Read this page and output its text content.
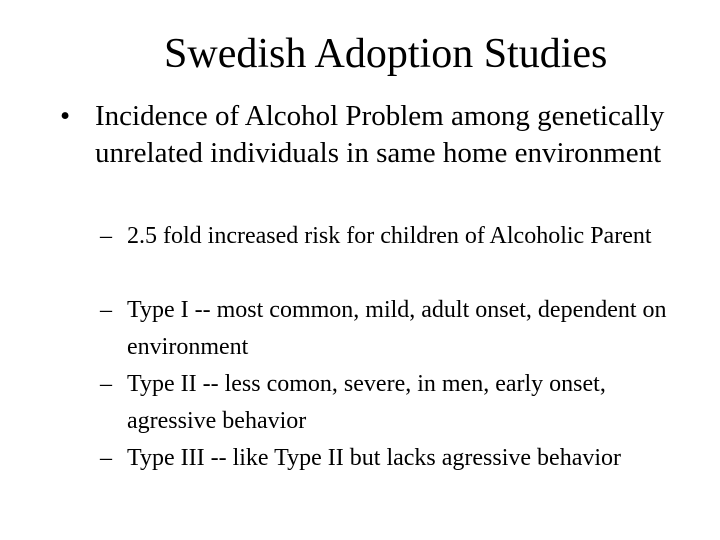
Swedish Adoption Studies
• Incidence of Alcohol Problem among genetically unrelated individuals in same home environment
– 2.5 fold increased risk for children of Alcoholic Parent
– Type I -- most common, mild, adult onset, dependent on environment
– Type II -- less comon, severe, in men, early onset, agressive behavior
– Type III -- like Type II but lacks agressive behavior
